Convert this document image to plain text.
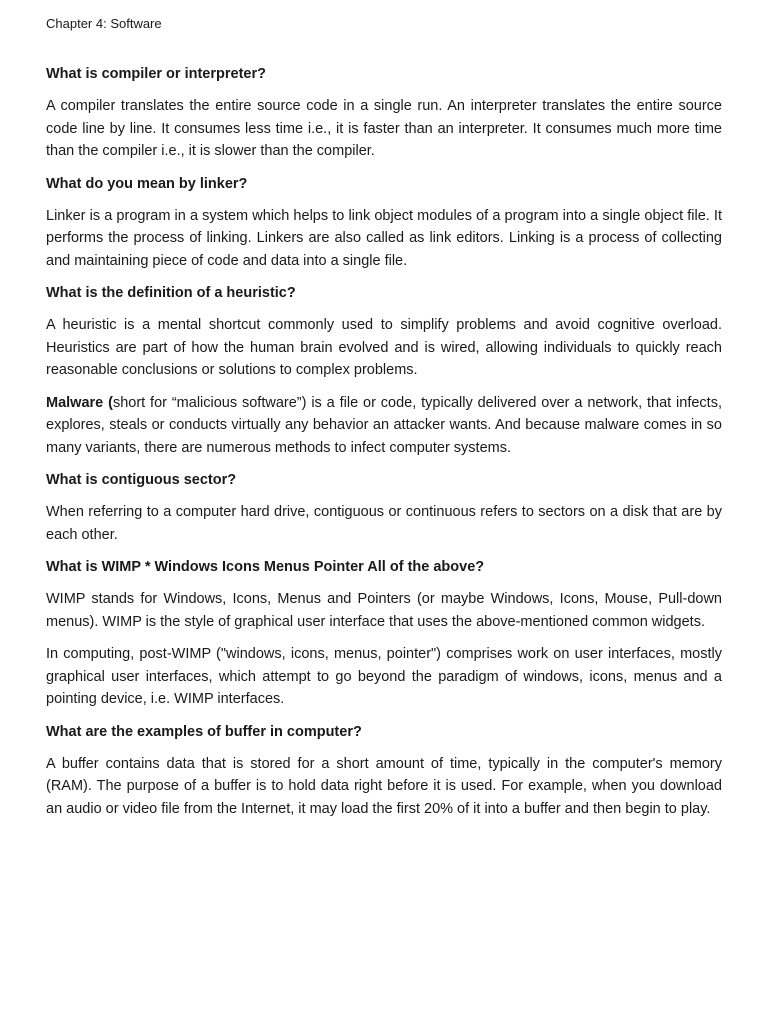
Chapter 4: Software
What is compiler or interpreter?
A compiler translates the entire source code in a single run. An interpreter translates the entire source code line by line. It consumes less time i.e., it is faster than an interpreter. It consumes much more time than the compiler i.e., it is slower than the compiler.
What do you mean by linker?
Linker is a program in a system which helps to link object modules of a program into a single object file. It performs the process of linking. Linkers are also called as link editors. Linking is a process of collecting and maintaining piece of code and data into a single file.
What is the definition of a heuristic?
A heuristic is a mental shortcut commonly used to simplify problems and avoid cognitive overload. Heuristics are part of how the human brain evolved and is wired, allowing individuals to quickly reach reasonable conclusions or solutions to complex problems.
Malware (short for “malicious software”) is a file or code, typically delivered over a network, that infects, explores, steals or conducts virtually any behavior an attacker wants. And because malware comes in so many variants, there are numerous methods to infect computer systems.
What is contiguous sector?
When referring to a computer hard drive, contiguous or continuous refers to sectors on a disk that are by each other.
What is WIMP * Windows Icons Menus Pointer All of the above?
WIMP stands for Windows, Icons, Menus and Pointers (or maybe Windows, Icons, Mouse, Pull-down menus). WIMP is the style of graphical user interface that uses the above-mentioned common widgets.
In computing, post-WIMP ("windows, icons, menus, pointer") comprises work on user interfaces, mostly graphical user interfaces, which attempt to go beyond the paradigm of windows, icons, menus and a pointing device, i.e. WIMP interfaces.
What are the examples of buffer in computer?
A buffer contains data that is stored for a short amount of time, typically in the computer's memory (RAM). The purpose of a buffer is to hold data right before it is used. For example, when you download an audio or video file from the Internet, it may load the first 20% of it into a buffer and then begin to play.
